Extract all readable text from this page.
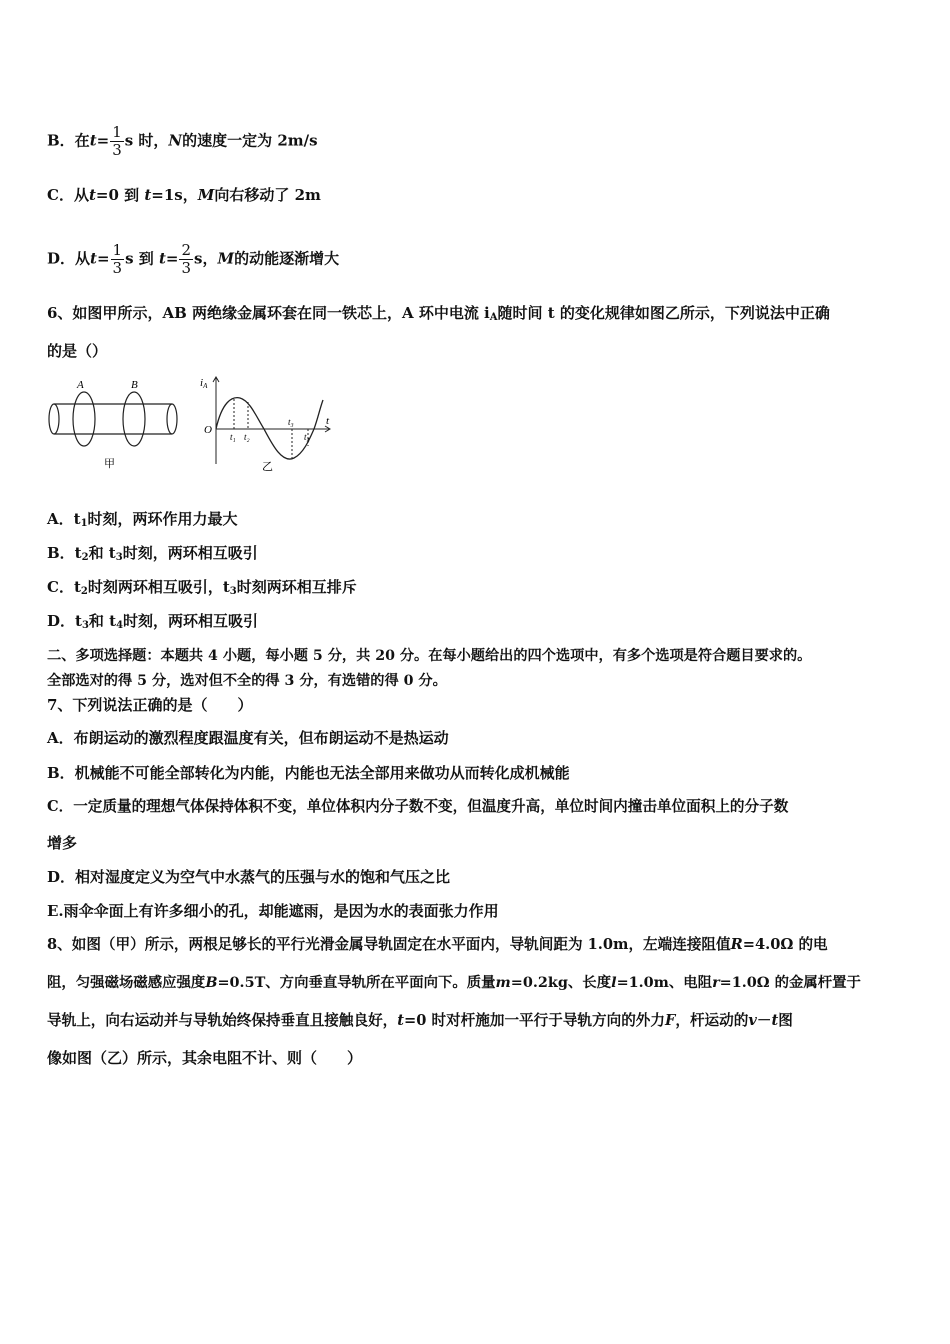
B．在$t= \frac{1}{3}$ s 时，N的速度一定为 2m/s
C．从t=0 到 t=1s，M向右移动了 2m
D．从$t= \frac{1}{3}$ s 到 $t= \frac{2}{3}$ s，M的动能逐渐增大
6、如图甲所示，AB 两绝缘金属环套在同一铁芯上，A 环中电流 iA随时间 t 的变化规律如图乙所示，下列说法中正确
的是（）
A	B
甲
iA
t
O
t₁ t₂
t₃
t₄
乙
A．t1时刻，两环作用力最大
B．t2和 t3时刻，两环相互吸引
C．t2时刻两环相互吸引，t3时刻两环相互排斥
D．t3和 t4时刻，两环相互吸引
二、多项选择题：本题共 4 小题，每小题 5 分，共 20 分。在每小题给出的四个选项中，有多个选项是符合题目要求的。
全部选对的得 5 分，选对但不全的得 3 分，有选错的得 0 分。
7、下列说法正确的是（　　）
A．布朗运动的激烈程度跟温度有关，但布朗运动不是热运动
B．机械能不可能全部转化为内能，内能也无法全部用来做功从而转化成机械能
C．一定质量的理想气体保持体积不变，单位体积内分子数不变，但温度升高，单位时间内撞击单位面积上的分子数
增多
D．相对湿度定义为空气中水蒸气的压强与水的饱和气压之比
E.雨伞伞面上有许多细小的孔，却能遮雨，是因为水的表面张力作用
8、如图（甲）所示，两根足够长的平行光滑金属导轨固定在水平面内，导轨间距为 1.0m，左端连接阻值R=4.0Ω 的电
阻，匀强磁场磁感应强度B=0.5T、方向垂直导轨所在平面向下。质量m=0.2kg、长度l=1.0m、电阻r=1.0Ω 的金属杆置于
导轨上，向右运动并与导轨始终保持垂直且接触良好，t=0 时对杆施加一平行于导轨方向的外力F，杆运动的v－t图
像如图（乙）所示，其余电阻不计、则（　　）
